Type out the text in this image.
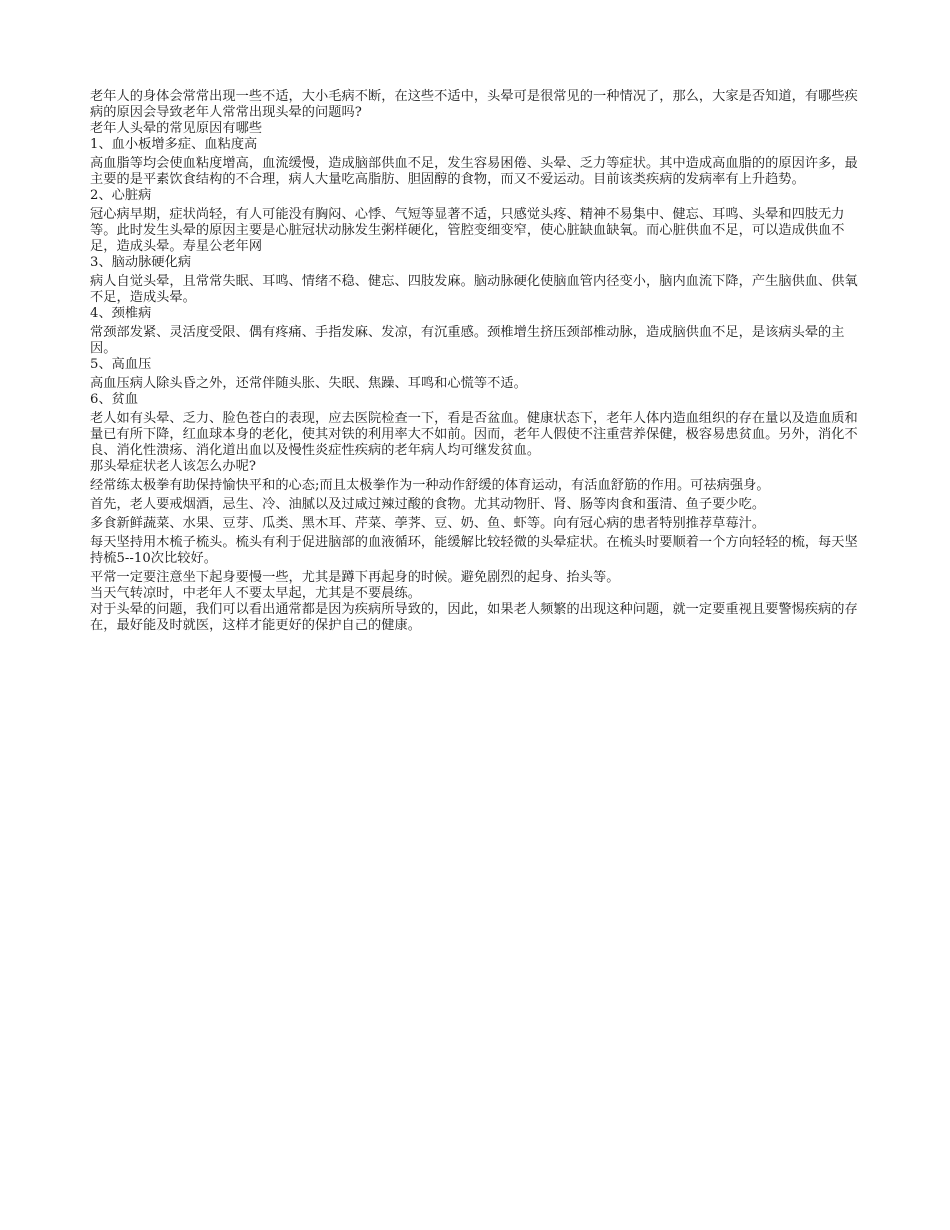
老年人的身体会常常出现一些不适，大小毛病不断，在这些不适中，头晕可是很常见的一种情况了，那么，大家是否知道，有哪些疾病的原因会导致老年人常常出现头晕的问题吗?

老年人头晕的常见原因有哪些

1、血小板增多症、血粘度高

高血脂等均会使血粘度增高，血流缓慢，造成脑部供血不足，发生容易困倦、头晕、乏力等症状。其中造成高血脂的的原因许多，最主要的是平素饮食结构的不合理，病人大量吃高脂肪、胆固醇的食物，而又不爱运动。目前该类疾病的发病率有上升趋势。

2、心脏病

冠心病早期，症状尚轻，有人可能没有胸闷、心悸、气短等显著不适，只感觉头疼、精神不易集中、健忘、耳鸣、头晕和四肢无力等。此时发生头晕的原因主要是心脏冠状动脉发生粥样硬化，管腔变细变窄，使心脏缺血缺氧。而心脏供血不足，可以造成供血不足，造成头晕。寿星公老年网

3、脑动脉硬化病

病人自觉头晕，且常常失眠、耳鸣、情绪不稳、健忘、四肢发麻。脑动脉硬化使脑血管内径变小，脑内血流下降，产生脑供血、供氧不足，造成头晕。

4、颈椎病

常颈部发紧、灵活度受限、偶有疼痛、手指发麻、发凉，有沉重感。颈椎增生挤压颈部椎动脉，造成脑供血不足，是该病头晕的主因。

5、高血压

高血压病人除头昏之外，还常伴随头胀、失眠、焦躁、耳鸣和心慌等不适。

6、贫血

老人如有头晕、乏力、脸色苍白的表现，应去医院检查一下，看是否盆血。健康状态下，老年人体内造血组织的存在量以及造血质和量已有所下降，红血球本身的老化，使其对铁的利用率大不如前。因而，老年人假使不注重营养保健，极容易患贫血。另外，消化不良、消化性溃疡、消化道出血以及慢性炎症性疾病的老年病人均可继发贫血。

那头晕症状老人该怎么办呢?

经常练太极拳有助保持愉快平和的心态;而且太极拳作为一种动作舒缓的体育运动，有活血舒筋的作用。可祛病强身。

首先，老人要戒烟酒，忌生、冷、油腻以及过咸过辣过酸的食物。尤其动物肝、肾、肠等肉食和蛋清、鱼子要少吃。

多食新鲜蔬菜、水果、豆芽、瓜类、黑木耳、芹菜、荸荠、豆、奶、鱼、虾等。向有冠心病的患者特别推荐草莓汁。

每天坚持用木梳子梳头。梳头有利于促进脑部的血液循环，能缓解比较轻微的头晕症状。在梳头时要顺着一个方向轻轻的梳，每天坚持梳5--10次比较好。

平常一定要注意坐下起身要慢一些，尤其是蹲下再起身的时候。避免剧烈的起身、抬头等。

当天气转凉时，中老年人不要太早起，尤其是不要晨练。

对于头晕的问题，我们可以看出通常都是因为疾病所导致的，因此，如果老人频繁的出现这种问题，就一定要重视且要警惕疾病的存在，最好能及时就医，这样才能更好的保护自己的健康。
